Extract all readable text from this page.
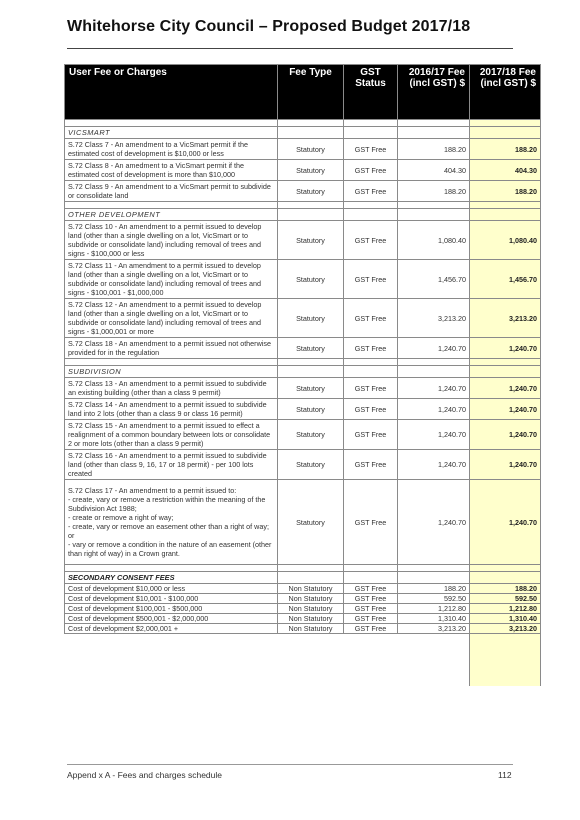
Whitehorse City Council – Proposed Budget 2017/18
User Fee or Charges	Fee Type	GST Status	2016/17 Fee (incl GST) $	2017/18 Fee (incl GST) $

VICSMART				
S.72 Class 7 - An amendment to a VicSmart permit if the estimated cost of development is $10,000 or less	Statutory	GST Free	188.20	188.20
S.72 Class 8 - An amedment to a VicSmart permit if the estimated cost of development is more than $10,000	Statutory	GST Free	404.30	404.30
S.72 Class 9 - An amendment to a VicSmart permit to subdivide or consolidate land	Statutory	GST Free	188.20	188.20

OTHER DEVELOPMENT				
S.72 Class 10 - An amendment to a permit issued to develop land (other than a single dwelling on a lot, VicSmart or to subdivide or consolidate land) including removal of trees and signs - $100,000 or less	Statutory	GST Free	1,080.40	1,080.40
S.72 Class 11 - An amendment to a permit issued to develop land (other than a single dwelling on a lot, VicSmart or to subdivide or consolidate land) including removal of trees and signs - $100,001 - $1,000,000	Statutory	GST Free	1,456.70	1,456.70
S.72 Class 12 - An amendment to a permit issued to develop land (other than a single dwelling on a lot, VicSmart or to subdivide or consolidate land) including removal of trees and signs - $1,000,001 or more	Statutory	GST Free	3,213.20	3,213.20
S.72 Class 18 - An amendment to a permit issued not otherwise provided for in the regulation	Statutory	GST Free	1,240.70	1,240.70

SUBDIVISION				
S.72 Class 13 - An amendment to a permit issued to subdivide an existing building (other than a class 9 permit)	Statutory	GST Free	1,240.70	1,240.70
S.72 Class 14 - An amendment to a permit issued to subdivide land into 2 lots (other than a class 9 or class 16 permit)	Statutory	GST Free	1,240.70	1,240.70
S.72 Class 15 - An amendment to a permit issued to effect a realignment of a common boundary between lots or consolidate 2 or more lots (other than a class 9 permit)	Statutory	GST Free	1,240.70	1,240.70
S.72 Class 16 - An amendment to a permit issued to subdivide land (other than class 9, 16, 17 or 18 permit) - per 100 lots created	Statutory	GST Free	1,240.70	1,240.70

S.72 Class 17 - An amendment to a permit issued to:
- create, vary or remove a restriction within the meaning of the Subdivision Act 1988;
- create or remove a right of way;
- create, vary or remove an easement other than a right of way; or
- vary or remove a condition in the nature of an easement (other than right of way) in a Crown grant.	Statutory	GST Free	1,240.70	1,240.70

SECONDARY CONSENT FEES				
Cost of development $10,000 or less	Non Statutory	GST Free	188.20	188.20
Cost of development $10,001 - $100,000	Non Statutory	GST Free	592.50	592.50
Cost of development $100,001 - $500,000	Non Statutory	GST Free	1,212.80	1,212.80
Cost of development $500,001 - $2,000,000	Non Statutory	GST Free	1,310.40	1,310.40
Cost of development $2,000,001 +	Non Statutory	GST Free	3,213.20	3,213.20

Append x A - Fees and charges schedule	112
